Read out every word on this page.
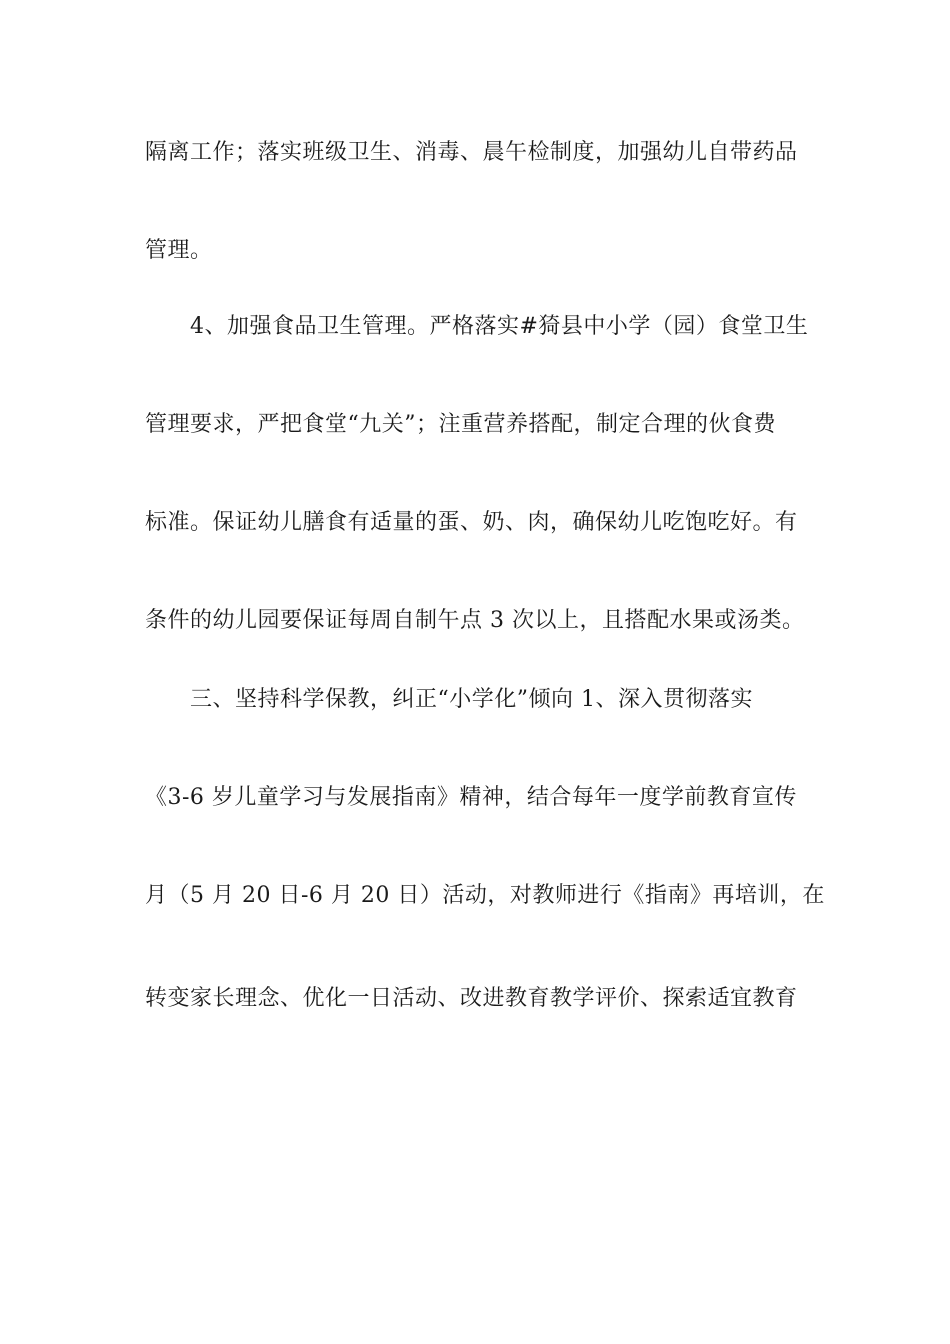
隔离工作；落实班级卫生、消毒、晨午检制度，加强幼儿自带药品
管理。
4、加强食品卫生管理。严格落实#猗县中小学（园）食堂卫生
管理要求，严把食堂“九关”；注重营养搭配，制定合理的伙食费
标准。保证幼儿膳食有适量的蛋、奶、肉，确保幼儿吃饱吃好。有
条件的幼儿园要保证每周自制午点 3 次以上，且搭配水果或汤类。
三、坚持科学保教，纠正“小学化”倾向 1、深入贯彻落实
《3-6 岁儿童学习与发展指南》精神，结合每年一度学前教育宣传
月（5 月 20 日-6 月 20 日）活动，对教师进行《指南》再培训，在
转变家长理念、优化一日活动、改进教育教学评价、探索适宜教育
